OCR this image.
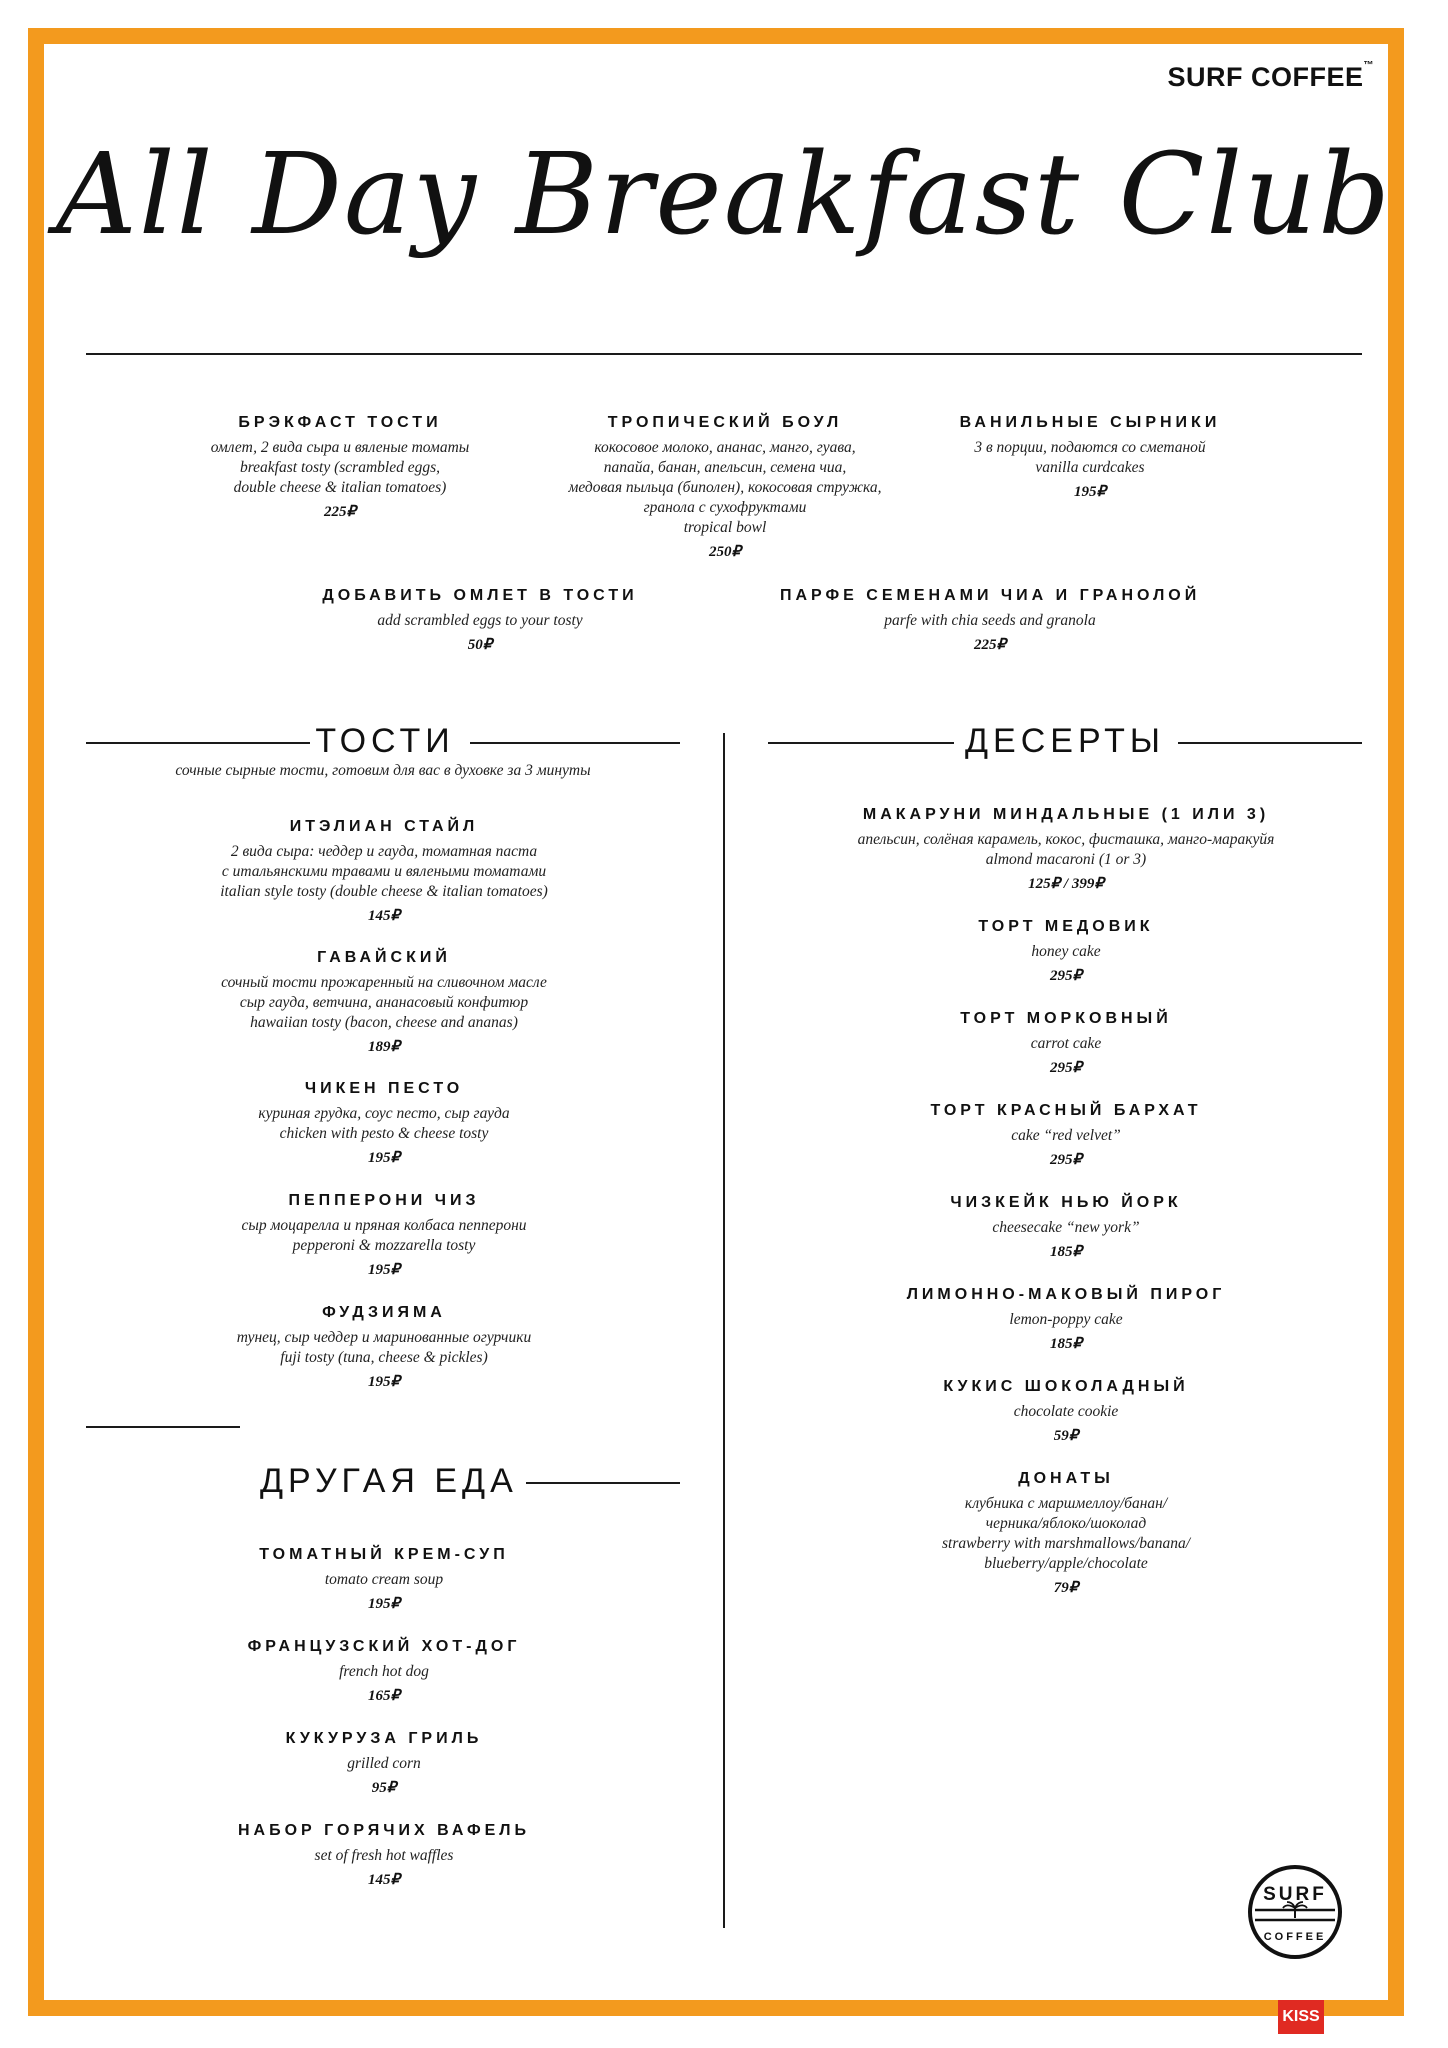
SURF COFFEE™
All Day Breakfast Club
БРЭКФАСТ ТОСТИ
омлет, 2 вида сыра и вяленые томаты
breakfast tosty (scrambled eggs,
double cheese & italian tomatoes)
225₽
ТРОПИЧЕСКИЙ БОУЛ
кокосовое молоко, ананас, манго, гуава,
папайа, банан, апельсин, семена чиа,
медовая пыльца (биполен), кокосовая стружка,
гранола с сухофруктами
tropical bowl
250₽
ВАНИЛЬНЫЕ СЫРНИКИ
3 в порции, подаются со сметаной
vanilla curdcakes
195₽
ДОБАВИТЬ ОМЛЕТ В ТОСТИ
add scrambled eggs to your tosty
50₽
ПАРФЕ СЕМЕНАМИ ЧИА И ГРАНОЛОЙ
parfe with chia seeds and granola
225₽
ТОСТИ
сочные сырные тости, готовим для вас в духовке за 3 минуты
ИТЭЛИАН СТАЙЛ
2 вида сыра: чеддер и гауда, томатная паста
с итальянскими травами и вялеными томатами
italian style tosty (double cheese & italian tomatoes)
145₽
ГАВАЙСКИЙ
сочный тости прожаренный на сливочном масле
сыр гауда, ветчина, ананасовый конфитюр
hawaiian tosty (bacon, cheese and ananas)
189₽
ЧИКЕН ПЕСТО
куриная грудка, соус песто, сыр гауда
chicken with pesto & cheese tosty
195₽
ПЕППЕРОНИ ЧИЗ
сыр моцарелла и пряная колбаса пепперони
pepperoni & mozzarella tosty
195₽
ФУДЗИЯМА
тунец, сыр чеддер и маринованные огурчики
fuji tosty (tuna, cheese & pickles)
195₽
ДРУГАЯ ЕДА
ТОМАТНЫЙ КРЕМ-СУП
tomato cream soup
195₽
ФРАНЦУЗСКИЙ ХОТ-ДОГ
french hot dog
165₽
КУКУРУЗА ГРИЛЬ
grilled corn
95₽
НАБОР ГОРЯЧИХ ВАФЕЛЬ
set of fresh hot waffles
145₽
ДЕСЕРТЫ
МАКАРУНИ МИНДАЛЬНЫЕ (1 ИЛИ 3)
апельсин, солёная карамель, кокос, фисташка, манго-маракуйя
almond macaroni (1 or 3)
125₽ / 399₽
ТОРТ МЕДОВИК
honey cake
295₽
ТОРТ МОРКОВНЫЙ
carrot cake
295₽
ТОРТ КРАСНЫЙ БАРХАТ
cake “red velvet”
295₽
ЧИЗКЕЙК НЬЮ ЙОРК
cheesecake “new york”
185₽
ЛИМОННО-МАКОВЫЙ ПИРОГ
lemon-poppy cake
185₽
КУКИС ШОКОЛАДНЫЙ
chocolate cookie
59₽
ДОНАТЫ
клубника с маршмеллоу/банан/
черника/яблоко/шоколад
strawberry with marshmallows/banana/
blueberry/apple/chocolate
79₽
SURF
COFFEE
KISS
